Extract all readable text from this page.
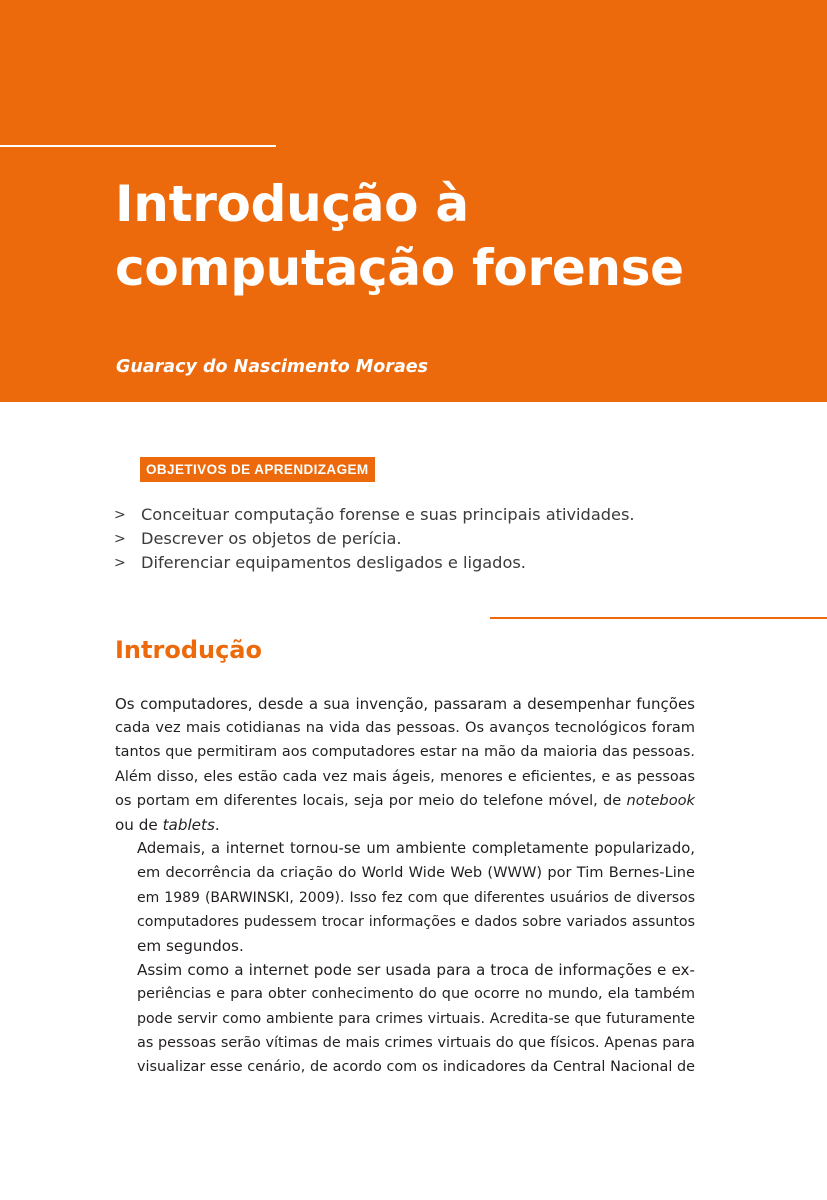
Introdução à
computação forense
Guaracy do Nascimento Moraes
OBJETIVOS DE APRENDIZAGEM
> Conceituar computação forense e suas principais atividades.
> Descrever os objetos de perícia.
> Diferenciar equipamentos desligados e ligados.
Introdução

Os computadores, desde a sua invenção, passaram a desempenhar funções
cada vez mais cotidianas na vida das pessoas. Os avanços tecnológicos foram
tantos que permitiram aos computadores estar na mão da maioria das pessoas.
Além disso, eles estão cada vez mais ágeis, menores e eficientes, e as pessoas
os portam em diferentes locais, seja por meio do telefone móvel, de notebook
ou de tablets.

Ademais, a internet tornou-se um ambiente completamente popularizado,
em decorrência da criação do World Wide Web (WWW) por Tim Bernes-Line
em 1989 (BARWINSKI, 2009). Isso fez com que diferentes usuários de diversos
computadores pudessem trocar informações e dados sobre variados assuntos
em segundos.

Assim como a internet pode ser usada para a troca de informações e ex-
periências e para obter conhecimento do que ocorre no mundo, ela também
pode servir como ambiente para crimes virtuais. Acredita-se que futuramente
as pessoas serão vítimas de mais crimes virtuais do que físicos. Apenas para
visualizar esse cenário, de acordo com os indicadores da Central Nacional de
